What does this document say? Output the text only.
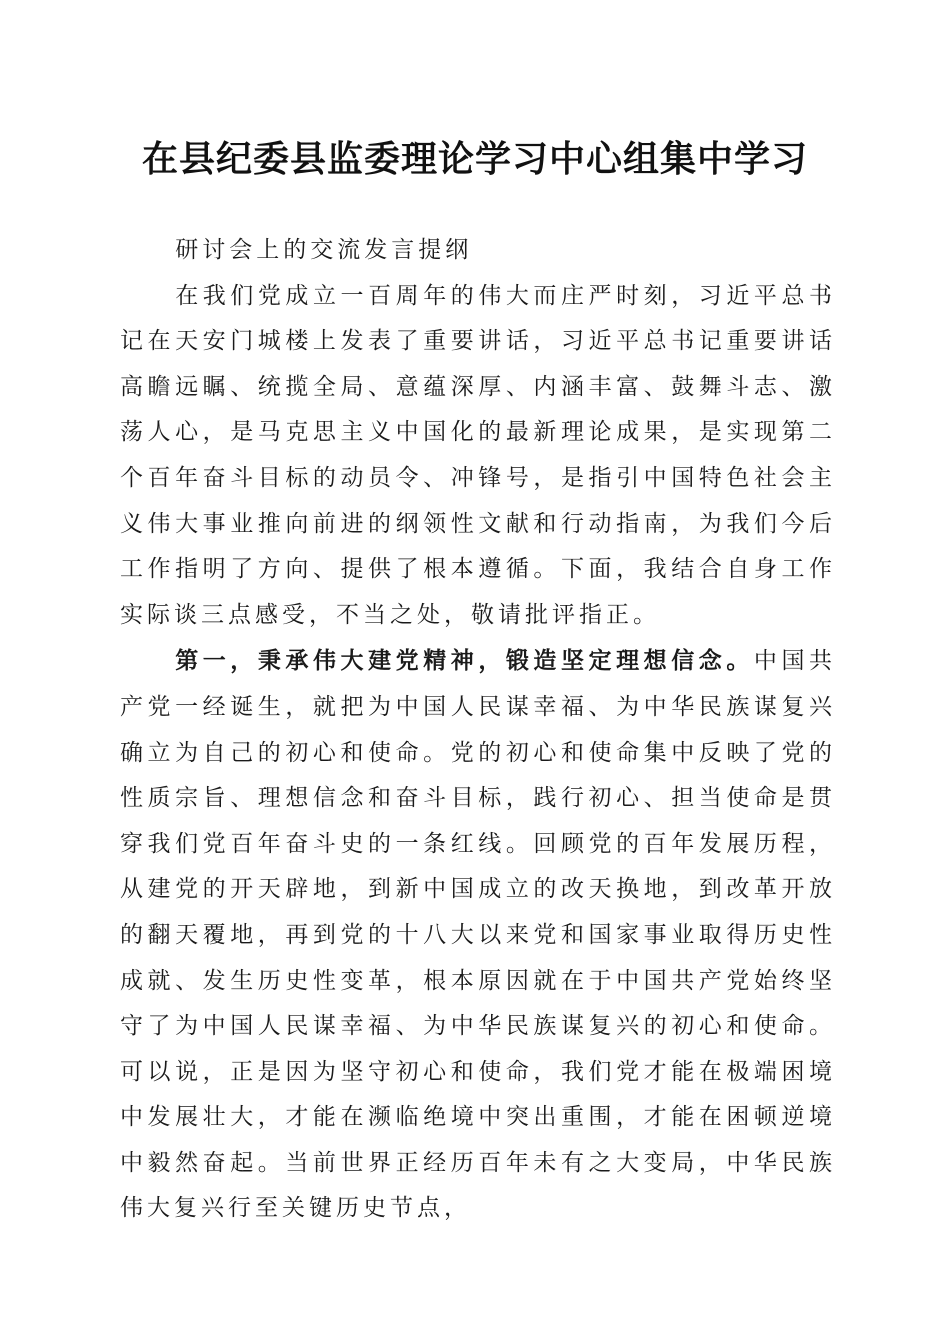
在县纪委县监委理论学习中心组集中学习

研讨会上的交流发言提纲

在我们党成立一百周年的伟大而庄严时刻，习近平总书记在天安门城楼上发表了重要讲话，习近平总书记重要讲话高瞻远瞩、统揽全局、意蕴深厚、内涵丰富、鼓舞斗志、激荡人心，是马克思主义中国化的最新理论成果，是实现第二个百年奋斗目标的动员令、冲锋号，是指引中国特色社会主义伟大事业推向前进的纲领性文献和行动指南，为我们今后工作指明了方向、提供了根本遵循。下面，我结合自身工作实际谈三点感受，不当之处，敬请批评指正。

第一，秉承伟大建党精神，锻造坚定理想信念。中国共产党一经诞生，就把为中国人民谋幸福、为中华民族谋复兴确立为自己的初心和使命。党的初心和使命集中反映了党的性质宗旨、理想信念和奋斗目标，践行初心、担当使命是贯穿我们党百年奋斗史的一条红线。回顾党的百年发展历程，从建党的开天辟地，到新中国成立的改天换地，到改革开放的翻天覆地，再到党的十八大以来党和国家事业取得历史性成就、发生历史性变革，根本原因就在于中国共产党始终坚守了为中国人民谋幸福、为中华民族谋复兴的初心和使命。可以说，正是因为坚守初心和使命，我们党才能在极端困境中发展壮大，才能在濒临绝境中突出重围，才能在困顿逆境中毅然奋起。当前世界正经历百年未有之大变局，中华民族伟大复兴行至关键历史节点，
